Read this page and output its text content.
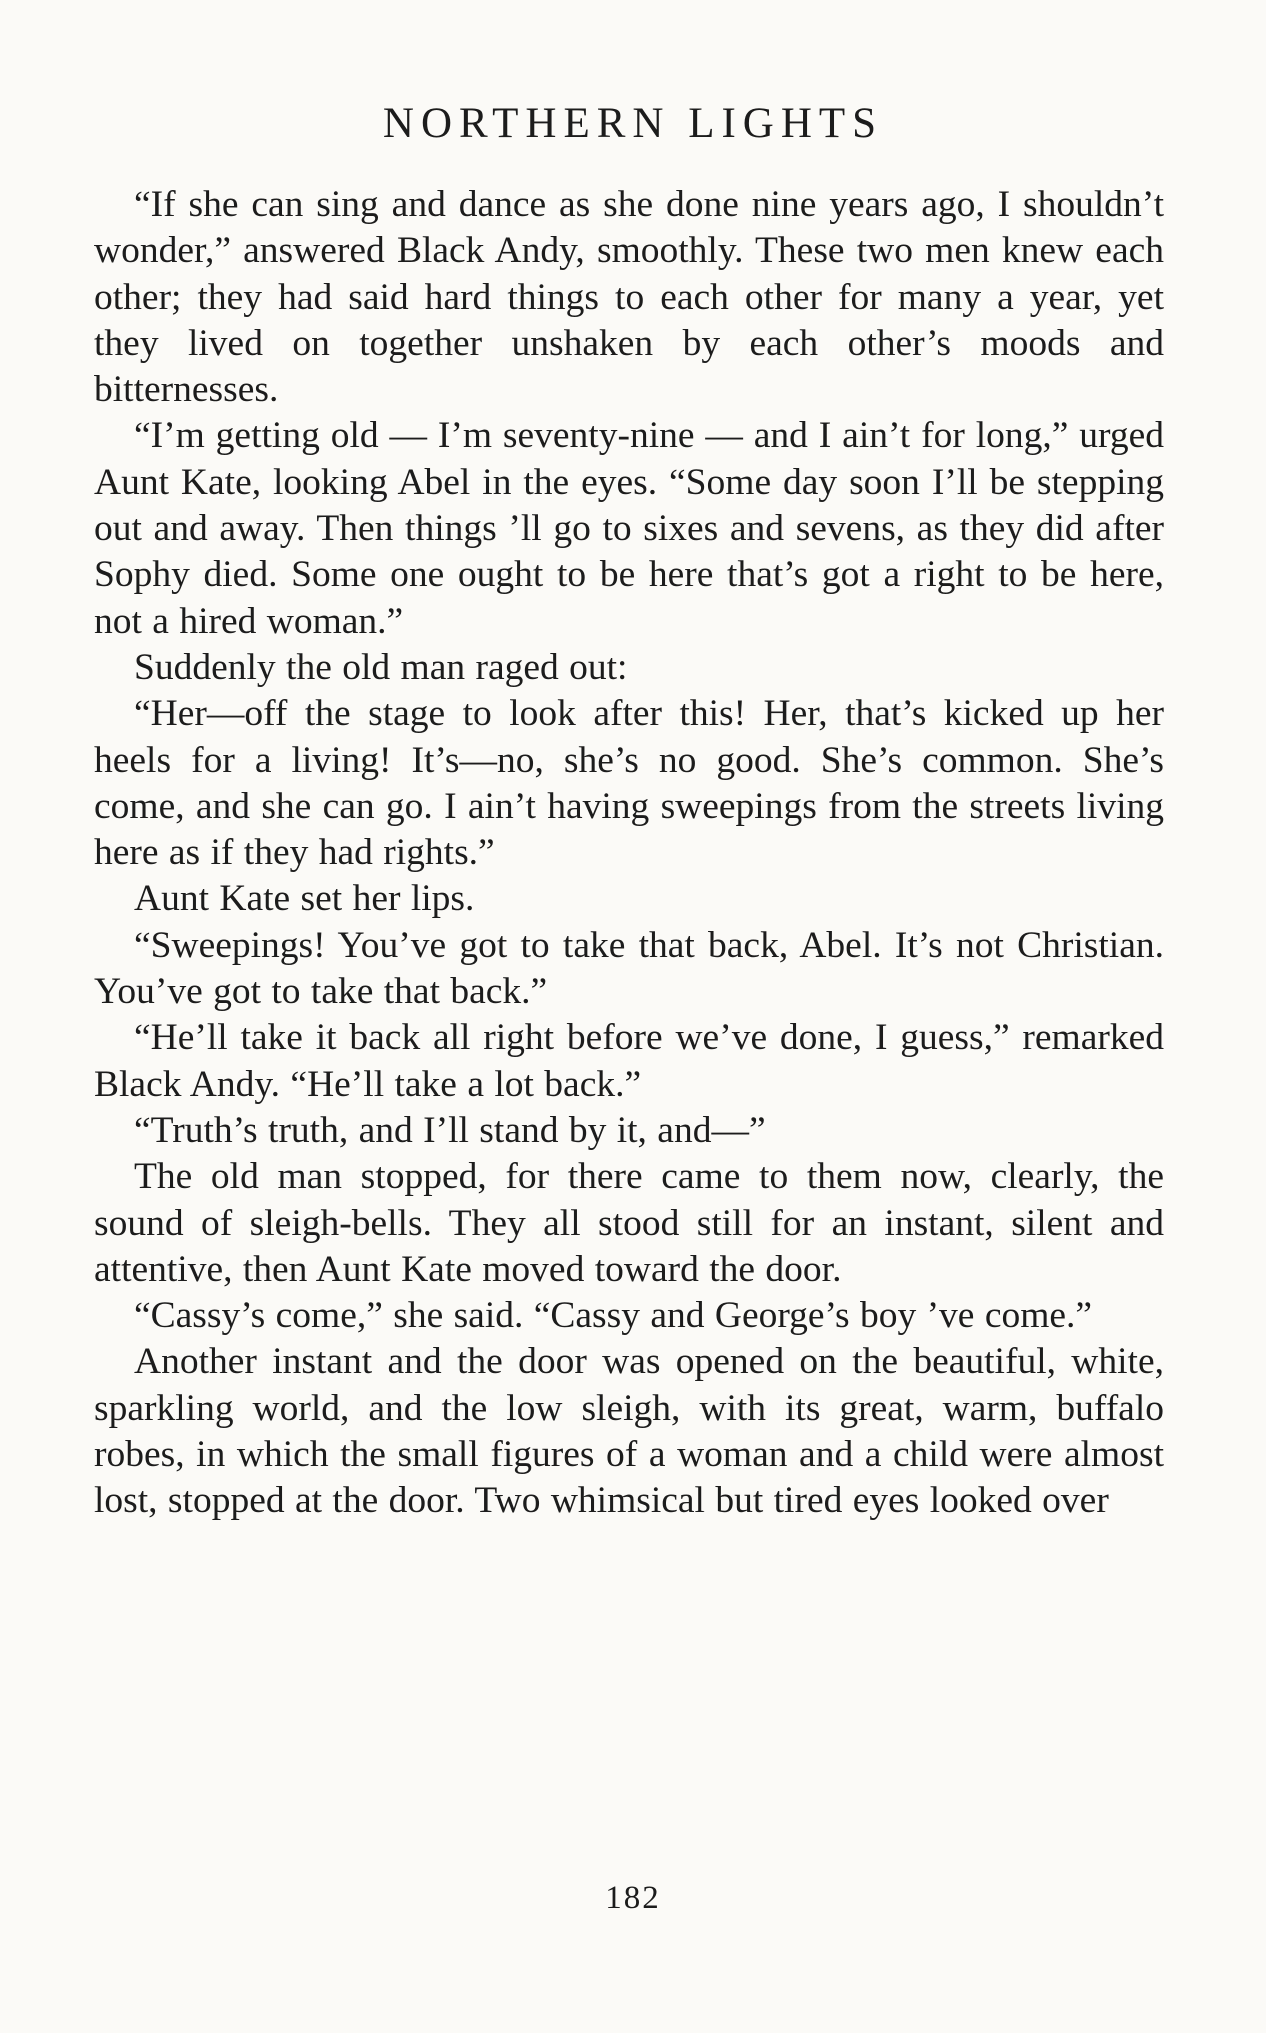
NORTHERN LIGHTS

“If she can sing and dance as she done nine years ago, I shouldn’t wonder,” answered Black Andy, smoothly. These two men knew each other; they had said hard things to each other for many a year, yet they lived on together unshaken by each other’s moods and bitternesses.

“I’m getting old — I’m seventy-nine — and I ain’t for long,” urged Aunt Kate, looking Abel in the eyes. “Some day soon I’ll be stepping out and away. Then things ’ll go to sixes and sevens, as they did after Sophy died. Some one ought to be here that’s got a right to be here, not a hired woman.”

Suddenly the old man raged out:

“Her—off the stage to look after this! Her, that’s kicked up her heels for a living! It’s—no, she’s no good. She’s common. She’s come, and she can go. I ain’t having sweepings from the streets living here as if they had rights.”

Aunt Kate set her lips.

“Sweepings! You’ve got to take that back, Abel. It’s not Christian. You’ve got to take that back.”

“He’ll take it back all right before we’ve done, I guess,” remarked Black Andy. “He’ll take a lot back.”

“Truth’s truth, and I’ll stand by it, and—”

The old man stopped, for there came to them now, clearly, the sound of sleigh-bells. They all stood still for an instant, silent and attentive, then Aunt Kate moved toward the door.

“Cassy’s come,” she said. “Cassy and George’s boy ’ve come.”

Another instant and the door was opened on the beautiful, white, sparkling world, and the low sleigh, with its great, warm, buffalo robes, in which the small figures of a woman and a child were almost lost, stopped at the door. Two whimsical but tired eyes looked over

182
